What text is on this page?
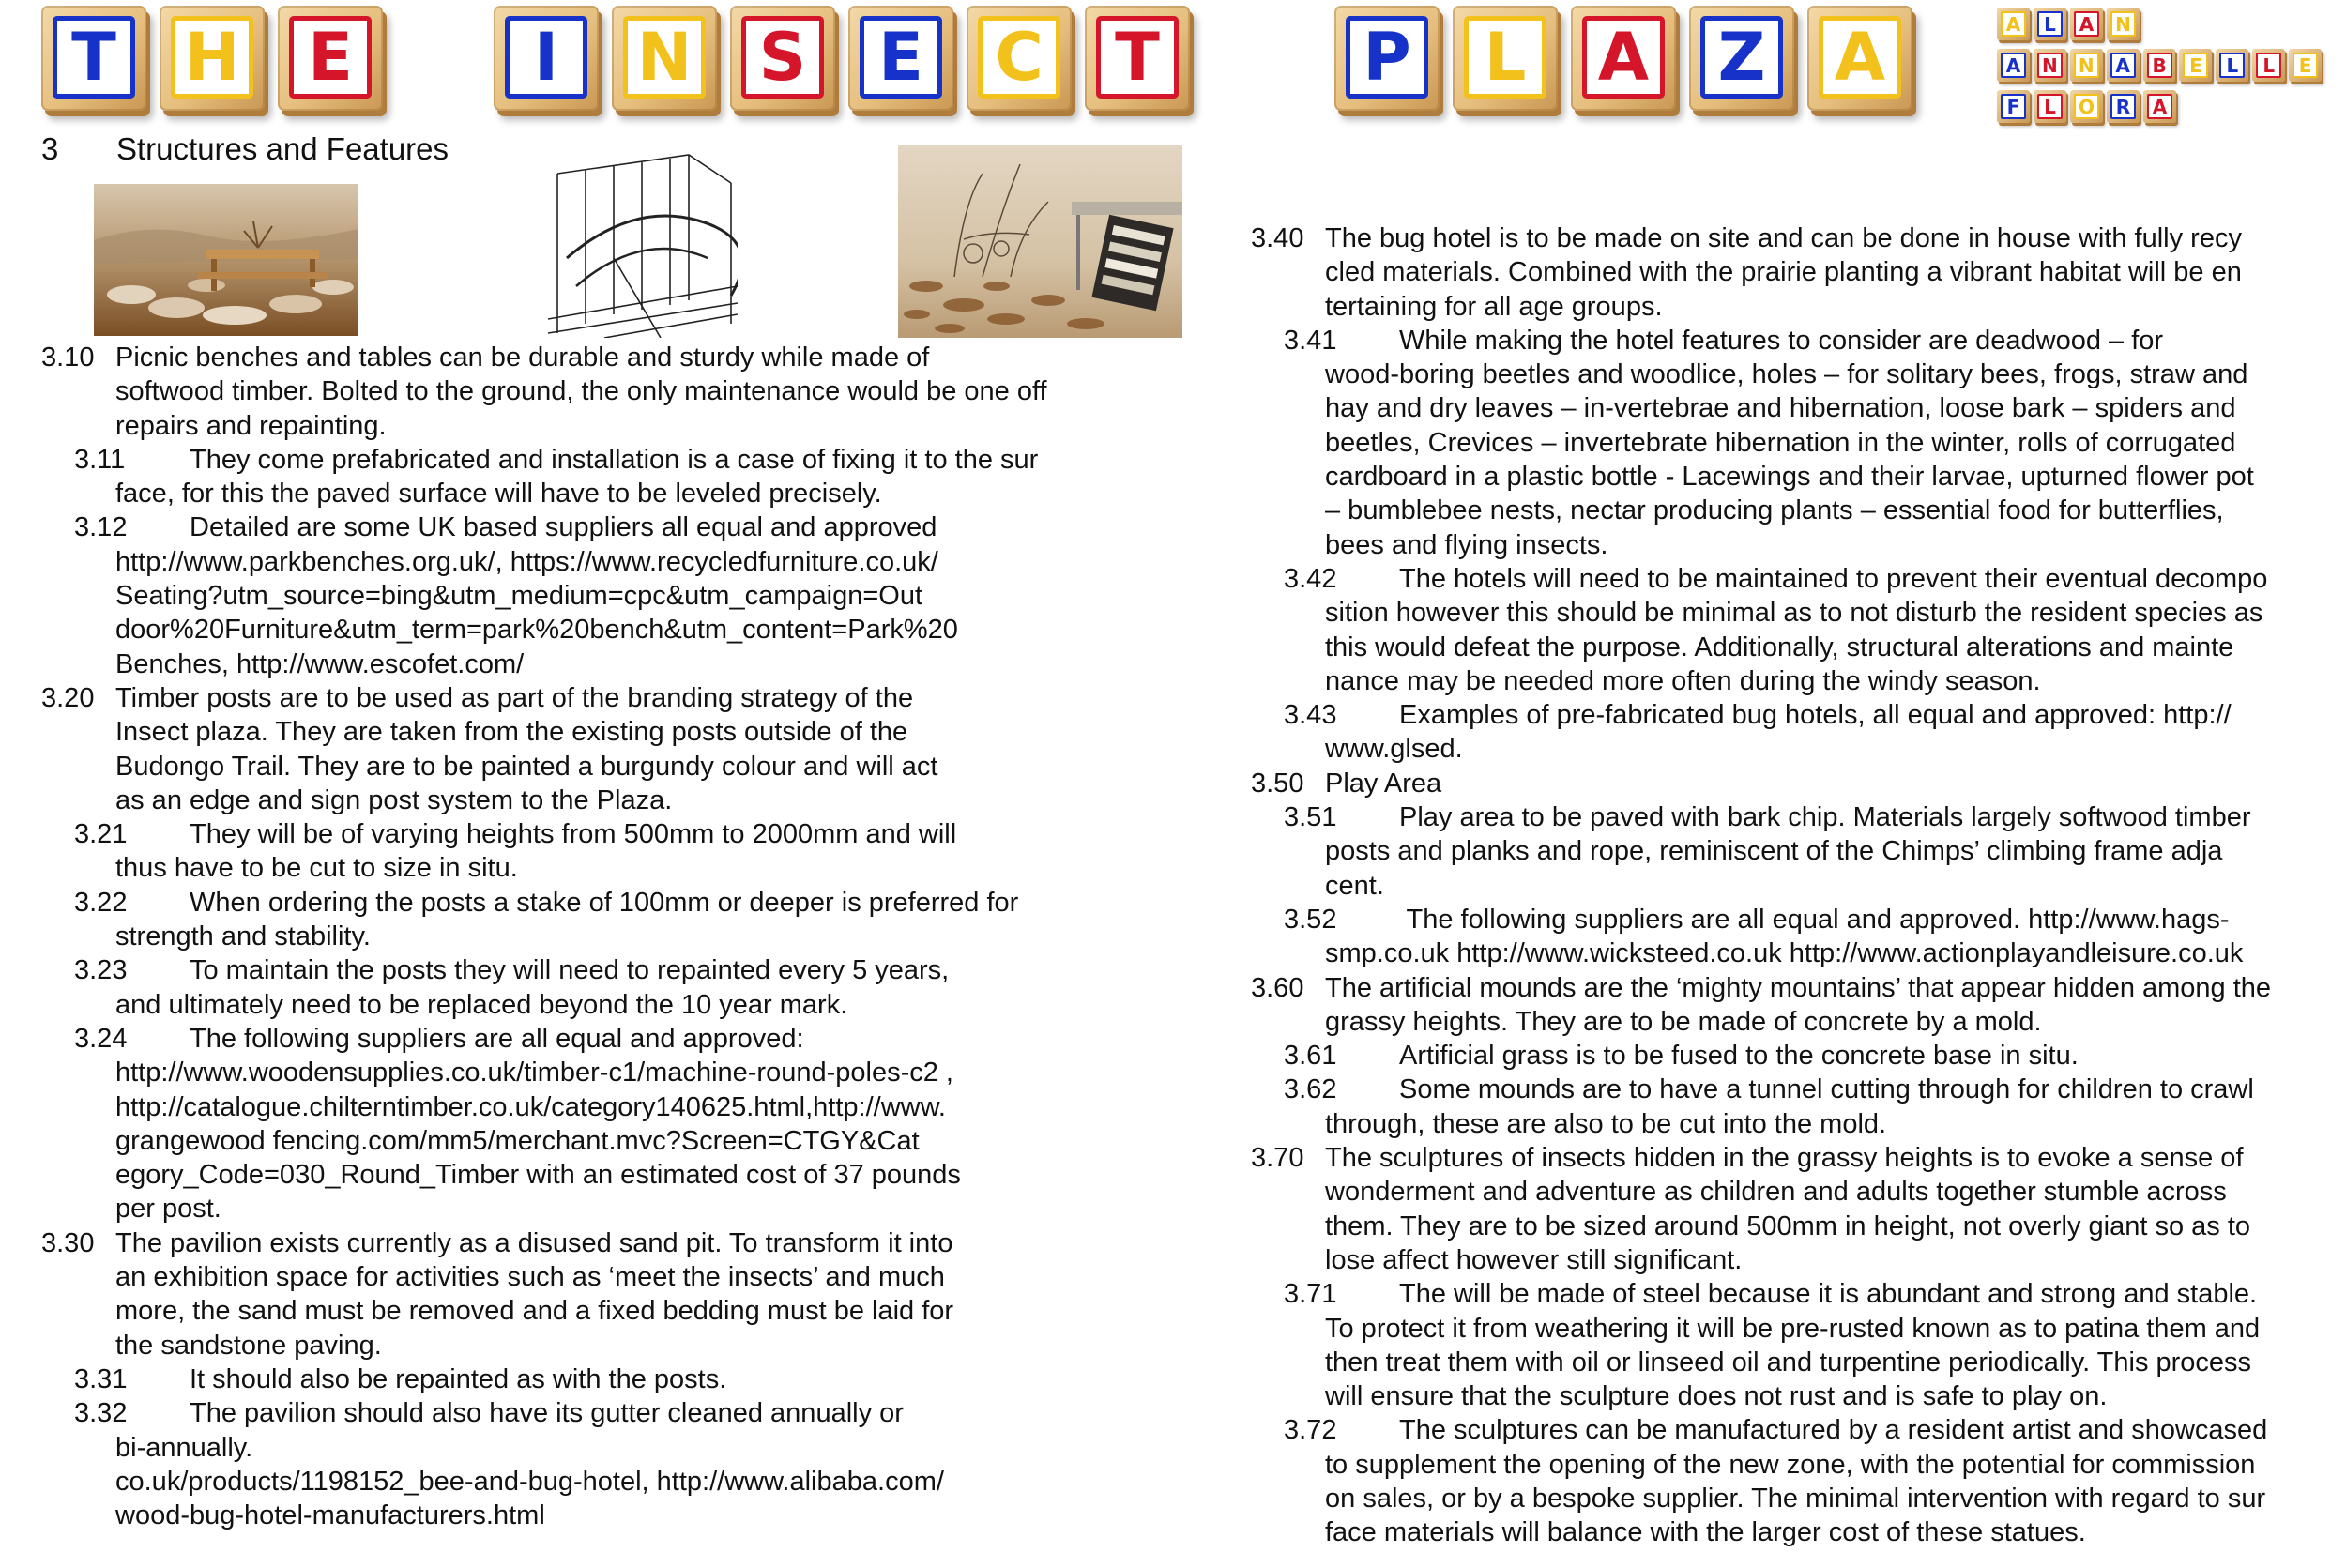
T H E	I	N S E C T	P	L	A Z A	A	L	A N
A N N A B	E	L	L	E
F	L	O R A
3 Structures and Features
3.10 Picnic benches and tables can be durable and sturdy while made of
softwood timber. Bolted to the ground, the only maintenance would be one off
repairs and repainting.
3.11	They come prefabricated and installation is a case of fixing it to the sur
face, for this the paved surface will have to be leveled precisely.
3.12	Detailed are some UK based suppliers all equal and approved
http://www.parkbenches.org.uk/, https://www.recycledfurniture.co.uk/
Seating?utm_source=bing&utm_medium=cpc&utm_campaign=Out
door%20Furniture&utm_term=park%20bench&utm_content=Park%20
Benches, http://www.escofet.com/
3.20 Timber posts are to be used as part of the branding strategy of the
Insect plaza. They are taken from the existing posts outside of the
Budongo Trail. They are to be painted a burgundy colour and will act
as an edge and sign post system to the Plaza.
3.21	They will be of varying heights from 500mm to 2000mm and will
thus have to be cut to size in situ.
3.22	When ordering the posts a stake of 100mm or deeper is preferred for
strength and stability.
3.23	To maintain the posts they will need to repainted every 5 years,
and ultimately need to be replaced beyond the 10 year mark.
3.24	The following suppliers are all equal and approved:
http://www.woodensupplies.co.uk/timber-c1/machine-round-poles-c2 ,
http://catalogue.chilterntimber.co.uk/category140625.html,http://www.
grangewood fencing.com/mm5/merchant.mvc?Screen=CTGY&Cat
egory_Code=030_Round_Timber with an estimated cost of 37 pounds
per post.
3.30 The pavilion exists currently as a disused sand pit. To transform it into
an exhibition space for activities such as ‘meet the insects’ and much
more, the sand must be removed and a fixed bedding must be laid for
the sandstone paving.
3.31	It should also be repainted as with the posts.
3.32	The pavilion should also have its gutter cleaned annually or
bi-annually.
co.uk/products/1198152_bee-and-bug-hotel, http://www.alibaba.com/
wood-bug-hotel-manufacturers.html
3.40 The bug hotel is to be made on site and can be done in house with fully recy
cled materials. Combined with the prairie planting a vibrant habitat will be en
tertaining for all age groups.
3.41	While making the hotel features to consider are deadwood – for
wood-boring beetles and woodlice, holes – for solitary bees, frogs, straw and
hay and dry leaves – in-vertebrae and hibernation, loose bark – spiders and
beetles, Crevices – invertebrate hibernation in the winter, rolls of corrugated
cardboard in a plastic bottle - Lacewings and their larvae, upturned flower pot
– bumblebee nests, nectar producing plants – essential food for butterflies,
bees and flying insects.
3.42	The hotels will need to be maintained to prevent their eventual decompo
sition however this should be minimal as to not disturb the resident species as
this would defeat the purpose. Additionally, structural alterations and mainte
nance may be needed more often during the windy season.
3.43	Examples of pre-fabricated bug hotels, all equal and approved: http://
www.glsed.
3.50 Play Area
3.51	Play area to be paved with bark chip. Materials largely softwood timber
posts and planks and rope, reminiscent of the Chimps’ climbing frame adja
cent.
3.52	The following suppliers are all equal and approved. http://www.hags-
smp.co.uk http://www.wicksteed.co.uk http://www.actionplayandleisure.co.uk
3.60 The artificial mounds are the ‘mighty mountains’ that appear hidden among the
grassy heights. They are to be made of concrete by a mold.
3.61	Artificial grass is to be fused to the concrete base in situ.
3.62	Some mounds are to have a tunnel cutting through for children to crawl
through, these are also to be cut into the mold.
3.70 The sculptures of insects hidden in the grassy heights is to evoke a sense of
wonderment and adventure as children and adults together stumble across
them. They are to be sized around 500mm in height, not overly giant so as to
lose affect however still significant.
3.71	The will be made of steel because it is abundant and strong and stable.
To protect it from weathering it will be pre-rusted known as to patina them and
then treat them with oil or linseed oil and turpentine periodically. This process
will ensure that the sculpture does not rust and is safe to play on.
3.72	The sculptures can be manufactured by a resident artist and showcased
to supplement the opening of the new zone, with the potential for commission
on sales, or by a bespoke supplier. The minimal intervention with regard to sur
face materials will balance with the larger cost of these statues.
